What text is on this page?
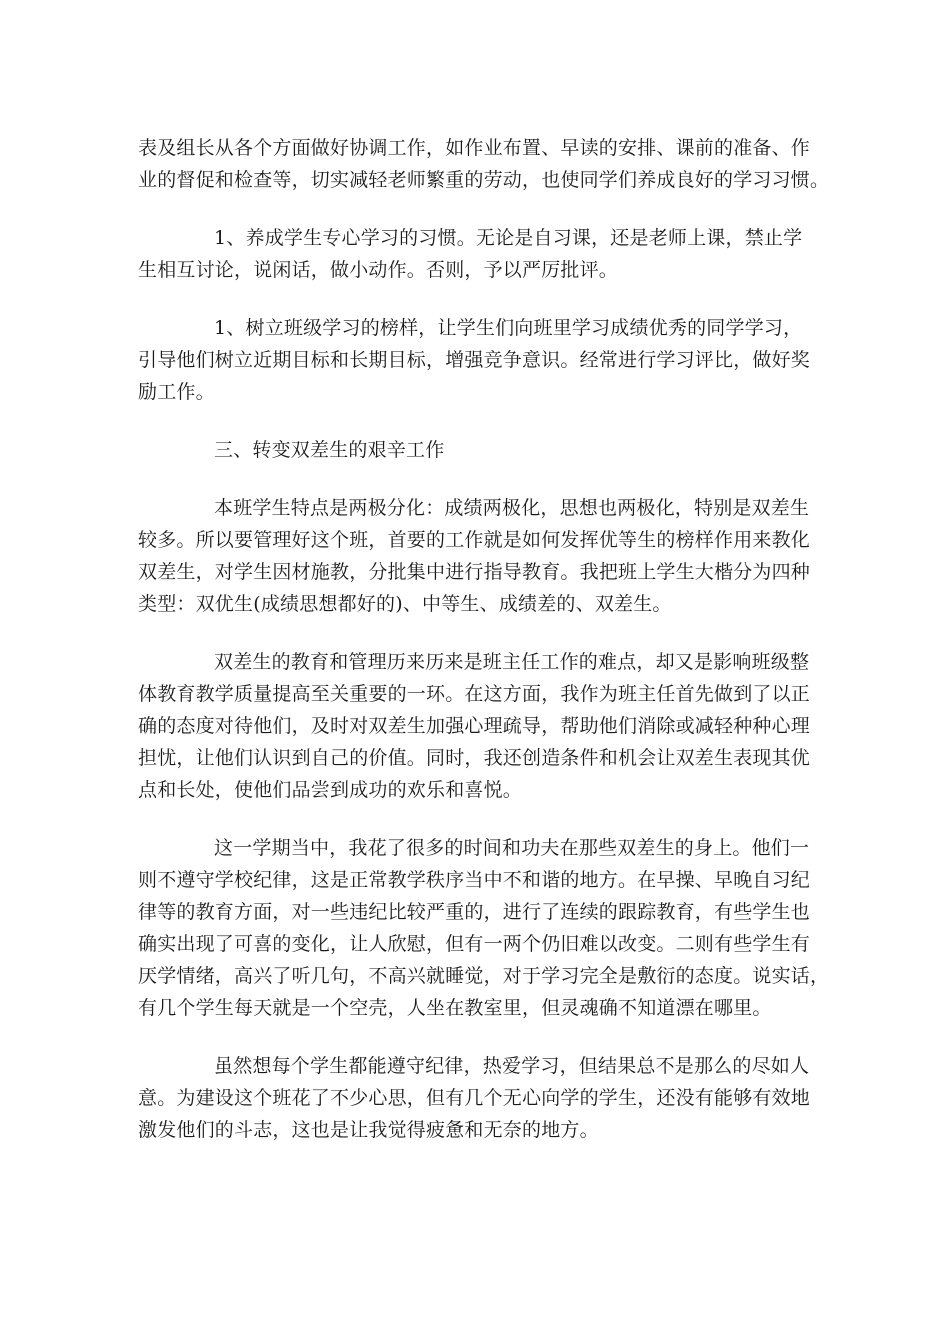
表及组长从各个方面做好协调工作，如作业布置、早读的安排、课前的准备、作
业的督促和检查等，切实减轻老师繁重的劳动，也使同学们养成良好的学习习惯。

1、养成学生专心学习的习惯。无论是自习课，还是老师上课，禁止学
生相互讨论，说闲话，做小动作。否则，予以严厉批评。

1、树立班级学习的榜样，让学生们向班里学习成绩优秀的同学学习，
引导他们树立近期目标和长期目标，增强竞争意识。经常进行学习评比，做好奖
励工作。

三、转变双差生的艰辛工作

本班学生特点是两极分化：成绩两极化，思想也两极化，特别是双差生
较多。所以要管理好这个班，首要的工作就是如何发挥优等生的榜样作用来教化
双差生，对学生因材施教，分批集中进行指导教育。我把班上学生大楷分为四种
类型：双优生(成绩思想都好的)、中等生、成绩差的、双差生。

双差生的教育和管理历来历来是班主任工作的难点，却又是影响班级整
体教育教学质量提高至关重要的一环。在这方面，我作为班主任首先做到了以正
确的态度对待他们，及时对双差生加强心理疏导，帮助他们消除或减轻种种心理
担忧，让他们认识到自己的价值。同时，我还创造条件和机会让双差生表现其优
点和长处，使他们品尝到成功的欢乐和喜悦。

这一学期当中，我花了很多的时间和功夫在那些双差生的身上。他们一
则不遵守学校纪律，这是正常教学秩序当中不和谐的地方。在早操、早晚自习纪
律等的教育方面，对一些违纪比较严重的，进行了连续的跟踪教育，有些学生也
确实出现了可喜的变化，让人欣慰，但有一两个仍旧难以改变。二则有些学生有
厌学情绪，高兴了听几句，不高兴就睡觉，对于学习完全是敷衍的态度。说实话，
有几个学生每天就是一个空壳，人坐在教室里，但灵魂确不知道漂在哪里。

虽然想每个学生都能遵守纪律，热爱学习，但结果总不是那么的尽如人
意。为建设这个班花了不少心思，但有几个无心向学的学生，还没有能够有效地
激发他们的斗志，这也是让我觉得疲惫和无奈的地方。
